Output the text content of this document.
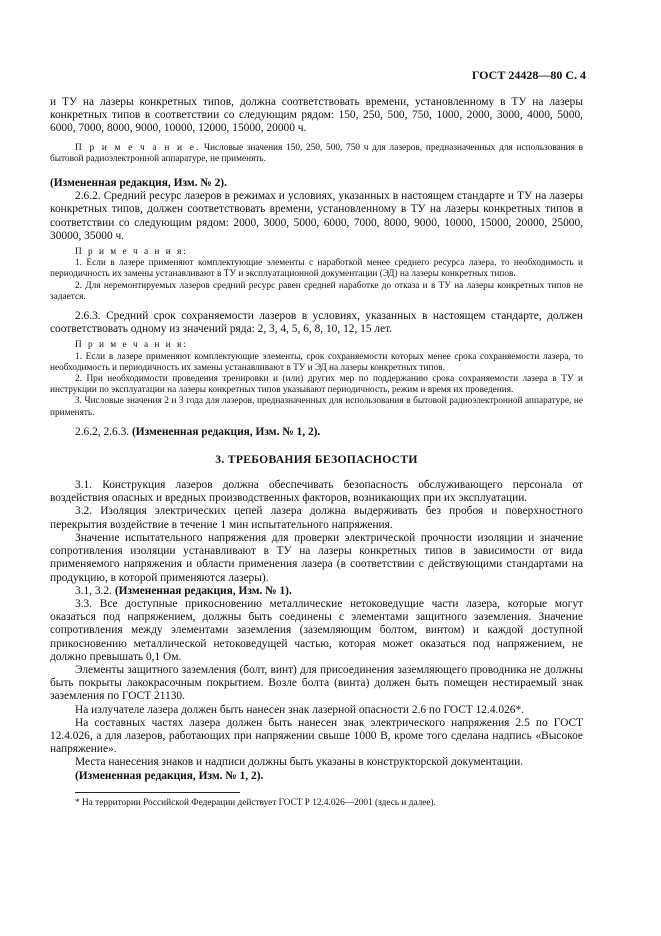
ГОСТ 24428—80 С. 4

и ТУ на лазеры конкретных типов, должна соответствовать времени, установленному в ТУ на лазеры конкретных типов в соответствии со следующим рядом: 150, 250, 500, 750, 1000, 2000, 3000, 4000, 5000, 6000, 7000, 8000, 9000, 10000, 12000, 15000, 20000 ч.

П р и м е ч а н и е. Числовые значения 150, 250, 500, 750 ч для лазеров, предназначенных для использования в бытовой радиоэлектронной аппаратуре, не применять.

(Измененная редакция, Изм. № 2).

2.6.2. Средний ресурс лазеров в режимах и условиях, указанных в настоящем стандарте и ТУ на лазеры конкретных типов, должен соответствовать времени, установленному в ТУ на лазеры конкретных типов в соответствии со следующим рядом: 2000, 3000, 5000, 6000, 7000, 8000, 9000, 10000, 15000, 20000, 25000, 30000, 35000 ч.

П р и м е ч а н и я:

1. Если в лазере применяют комплектующие элементы с наработкой менее среднего ресурса лазера, то необходимость и периодичность их замены устанавливают в ТУ и эксплуатационной документации (ЭД) на лазеры конкретных типов.

2. Для неремонтируемых лазеров средний ресурс равен средней наработке до отказа и в ТУ на лазеры конкретных типов не задается.

2.6.3. Средний срок сохраняемости лазеров в условиях, указанных в настоящем стандарте, должен соответствовать одному из значений ряда: 2, 3, 4, 5, 6, 8, 10, 12, 15 лет.

П р и м е ч а н и я:

1. Если в лазере применяют комплектующие элементы, срок сохраняемости которых менее срока сохраняемости лазера, то необходимость и периодичность их замены устанавливают в ТУ и ЭД на лазеры конкретных типов.

2. При необходимости проведения тренировки и (или) других мер по поддержанию срока сохраняемости лазера в ТУ и инструкции по эксплуатации на лазеры конкретных типов указывают периодичность, режим и время их проведения.

3. Числовые значения 2 и 3 года для лазеров, предназначенных для использования в бытовой радиоэлектронной аппаратуре, не применять.

2.6.2, 2.6.3. (Измененная редакция, Изм. № 1, 2).

3. ТРЕБОВАНИЯ БЕЗОПАСНОСТИ

3.1. Конструкция лазеров должна обеспечивать безопасность обслуживающего персонала от воздействия опасных и вредных производственных факторов, возникающих при их эксплуатации.

3.2. Изоляция электрических цепей лазера должна выдерживать без пробоя и поверхностного перекрытия воздействие в течение 1 мин испытательного напряжения.

Значение испытательного напряжения для проверки электрической прочности изоляции и значение сопротивления изоляции устанавливают в ТУ на лазеры конкретных типов в зависимости от вида применяемого напряжения и области применения лазера (в соответствии с действующими стандартами на продукцию, в которой применяются лазеры).

3.1, 3.2. (Измененная редакция, Изм. № 1).

3.3. Все доступные прикосновению металлические нетоковедущие части лазера, которые могут оказаться под напряжением, должны быть соединены с элементами защитного заземления. Значение сопротивления между элементами заземления (заземляющим болтом, винтом) и каждой доступной прикосновению металлической нетоковедущей частью, которая может оказаться под напряжением, не должно превышать 0,1 Ом.

Элементы защитного заземления (болт, винт) для присоединения заземляющего проводника не должны быть покрыты лакокрасочным покрытием. Возле болта (винта) должен быть помещен нестираемый знак заземления по ГОСТ 21130.

На излучателе лазера должен быть нанесен знак лазерной опасности 2.6 по ГОСТ 12.4.026*.

На составных частях лазера должен быть нанесен знак электрического напряжения 2.5 по ГОСТ 12.4.026, а для лазеров, работающих при напряжении свыше 1000 В, кроме того сделана надпись «Высокое напряжение».

Места нанесения знаков и надписи должны быть указаны в конструкторской документации.

(Измененная редакция, Изм. № 1, 2).

* На территории Российской Федерации действует ГОСТ Р 12.4.026—2001 (здесь и далее).
